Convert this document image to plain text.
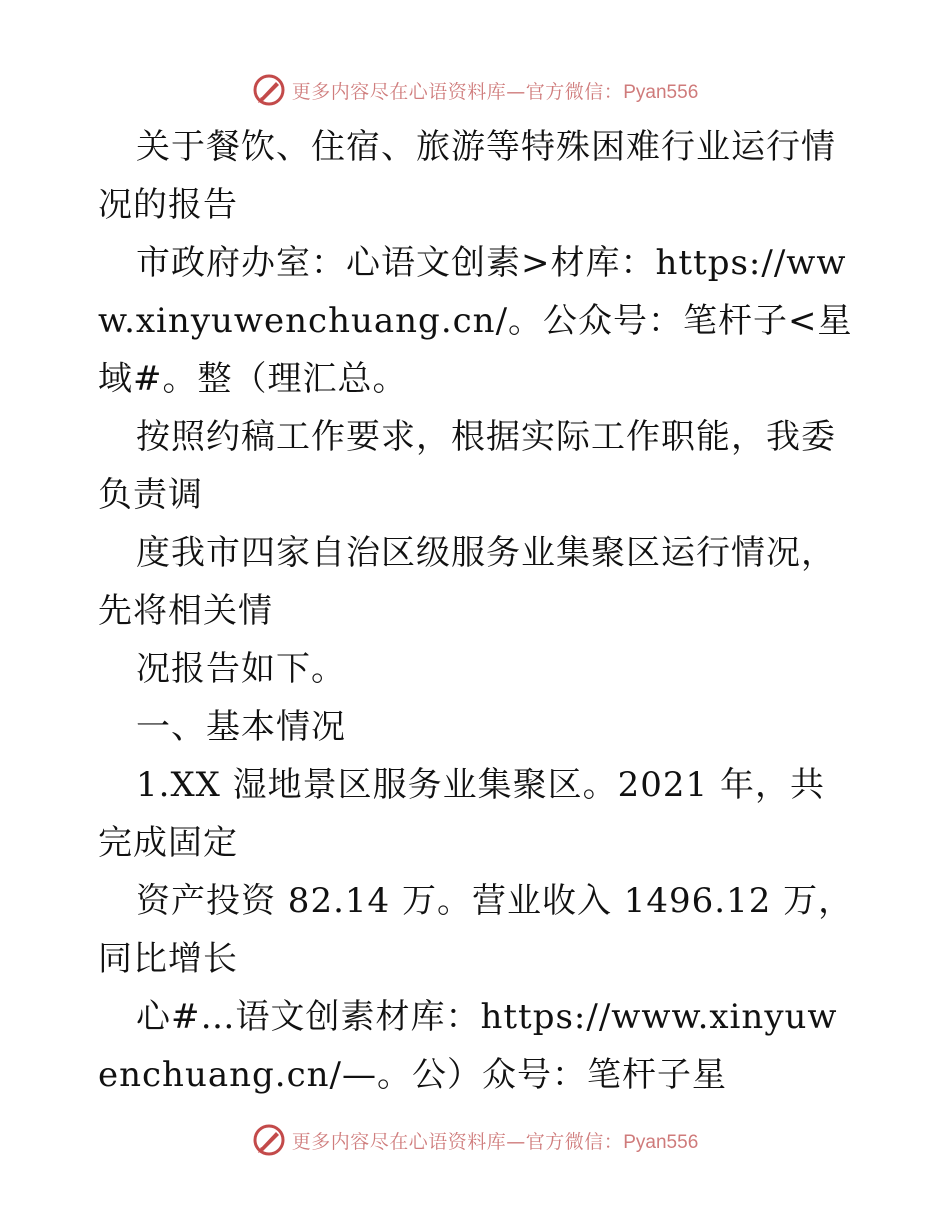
更多内容尽在心语资料库—官方微信：Pyan556

关于餐饮、住宿、旅游等特殊困难行业运行情况的报告

市政府办室：心语文创素>材库：https://www.xinyuwenchuang.cn/。公众号：笔杆子<星域#。整（理汇总。

按照约稿工作要求，根据实际工作职能，我委负责调

度我市四家自治区级服务业集聚区运行情况，先将相关情

况报告如下。

一、基本情况

1.XX 湿地景区服务业集聚区。2021 年，共完成固定

资产投资 82.14 万。营业收入 1496.12 万，同比增长

心#…语文创素材库：https://www.xinyuwenchuang.cn/—。公）众号：笔杆子星

更多内容尽在心语资料库—官方微信：Pyan556
